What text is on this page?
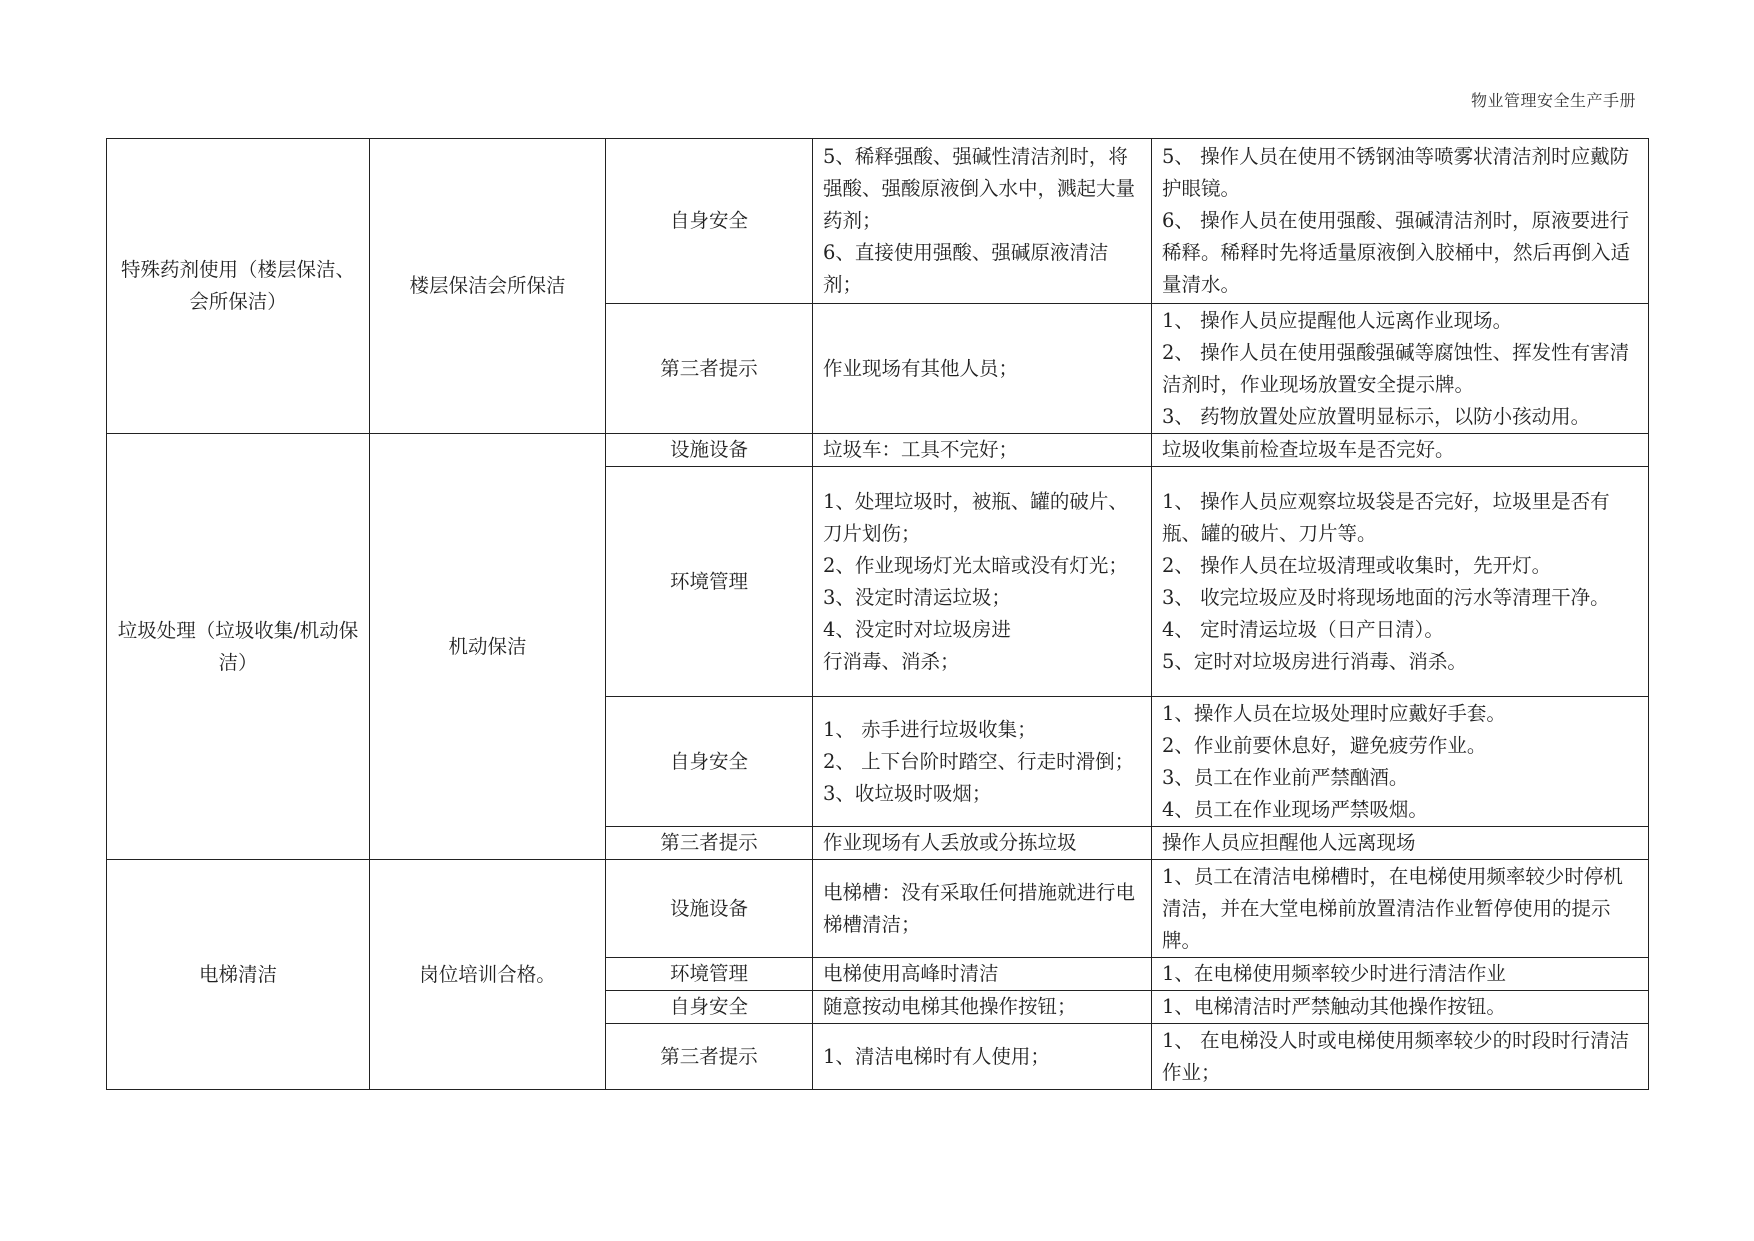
物业管理安全生产手册
特殊药剂使用（楼层保洁、会所保洁）	楼层保洁会所保洁	自身安全	5、稀释强酸、强碱性清洁剂时，将强酸、强酸原液倒入水中，溅起大量药剂；
6、直接使用强酸、强碱原液清洁剂；	5、 操作人员在使用不锈钢油等喷雾状清洁剂时应戴防护眼镜。
6、 操作人员在使用强酸、强碱清洁剂时，原液要进行稀释。稀释时先将适量原液倒入胶桶中，然后再倒入适量清水。

		第三者提示	作业现场有其他人员；	1、 操作人员应提醒他人远离作业现场。
2、 操作人员在使用强酸强碱等腐蚀性、挥发性有害清洁剂时，作业现场放置安全提示牌。
3、 药物放置处应放置明显标示，以防小孩动用。

垃圾处理（垃圾收集/机动保洁）	机动保洁	设施设备	垃圾车：工具不完好；	垃圾收集前检查垃圾车是否完好。

		环境管理	1、处理垃圾时，被瓶、罐的破片、刀片划伤；
2、作业现场灯光太暗或没有灯光；
3、没定时清运垃圾；
4、没定时对垃圾房进
行消毒、消杀；	1、 操作人员应观察垃圾袋是否完好，垃圾里是否有瓶、罐的破片、刀片等。
2、 操作人员在垃圾清理或收集时，先开灯。
3、 收完垃圾应及时将现场地面的污水等清理干净。
4、 定时清运垃圾（日产日清）。
5、定时对垃圾房进行消毒、消杀。

		自身安全	1、 赤手进行垃圾收集；
2、 上下台阶时踏空、行走时滑倒；
3、收垃圾时吸烟；	1、操作人员在垃圾处理时应戴好手套。
2、作业前要休息好，避免疲劳作业。
3、员工在作业前严禁酗酒。
4、员工在作业现场严禁吸烟。

		第三者提示	作业现场有人丢放或分拣垃圾	操作人员应担醒他人远离现场

电梯清洁	岗位培训合格。	设施设备	电梯槽：没有采取任何措施就进行电梯槽清洁；	1、员工在清洁电梯槽时，在电梯使用频率较少时停机清洁，并在大堂电梯前放置清洁作业暂停使用的提示牌。

		环境管理	电梯使用高峰时清洁	1、在电梯使用频率较少时进行清洁作业

		自身安全	随意按动电梯其他操作按钮；	1、电梯清洁时严禁触动其他操作按钮。

		第三者提示	1、清洁电梯时有人使用；	1、 在电梯没人时或电梯使用频率较少的时段时行清洁作业；
